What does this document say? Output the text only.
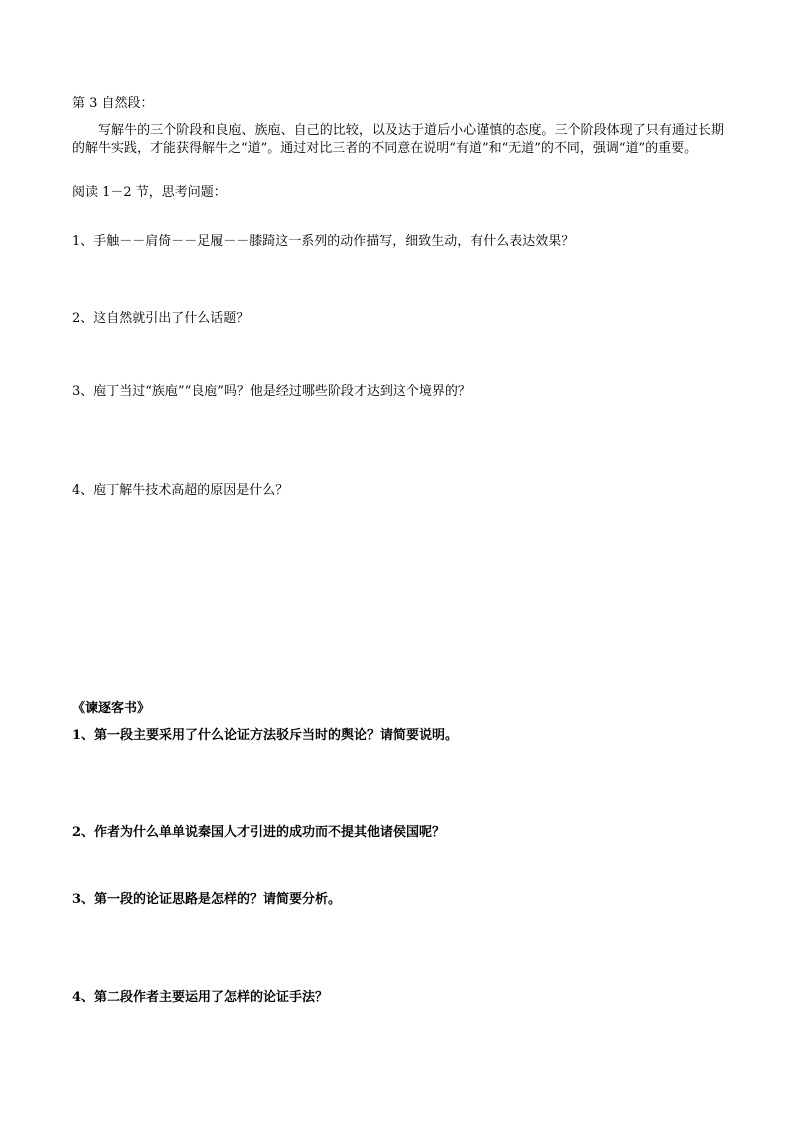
第 3 自然段：
写解牛的三个阶段和良庖、族庖、自己的比较，以及达于道后小心谨慎的态度。三个阶段体现了只有通过长期的解牛实践，才能获得解牛之“道”。通过对比三者的不同意在说明“有道”和“无道”的不同，强调“道”的重要。
阅读 1－2 节，思考问题：
1、手触－－肩倚－－足履－－膝踦这一系列的动作描写，细致生动，有什么表达效果？
2、这自然就引出了什么话题？
3、庖丁当过“族庖”“良庖”吗？他是经过哪些阶段才达到这个境界的？
4、庖丁解牛技术高超的原因是什么？
《谏逐客书》
1、第一段主要采用了什么论证方法驳斥当时的舆论？请简要说明。
2、作者为什么单单说秦国人才引进的成功而不提其他诸侯国呢？
3、第一段的论证思路是怎样的？请简要分析。
4、第二段作者主要运用了怎样的论证手法？
